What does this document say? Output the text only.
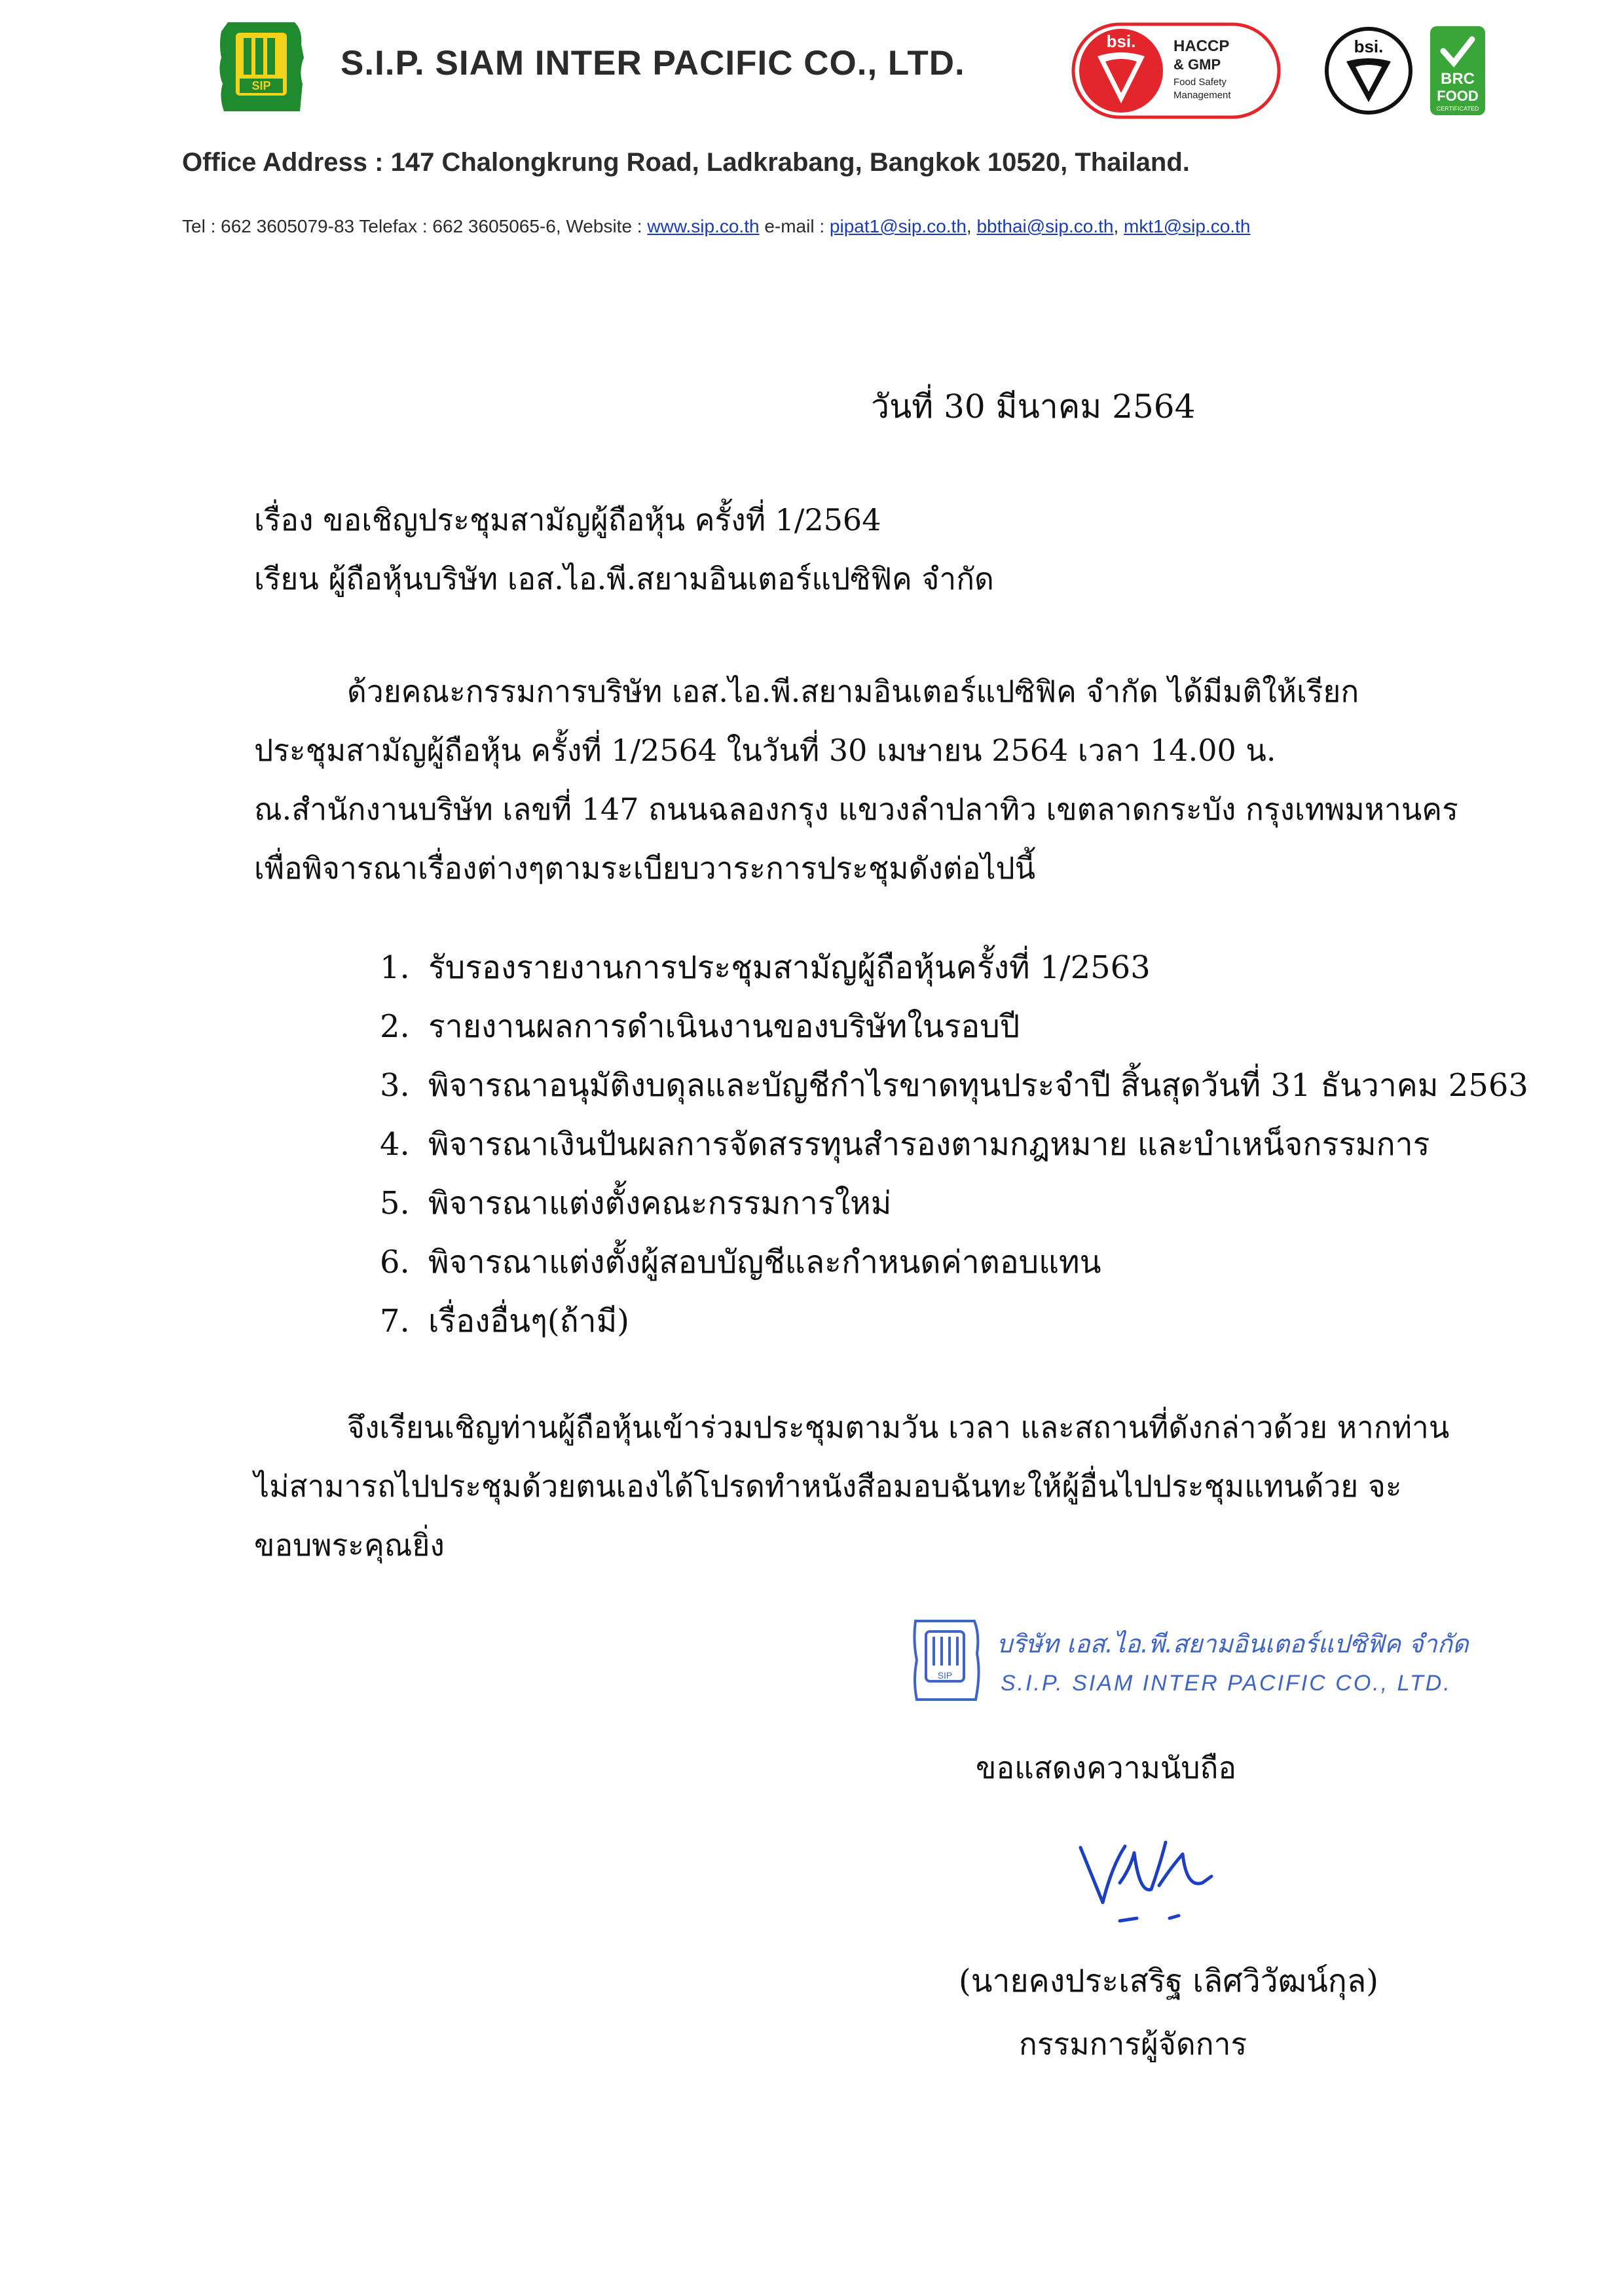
SIP
S.I.P. SIAM INTER PACIFIC CO., LTD.
bsi. HACCP
& GMP
Food Safety
Management
bsi.
BRC
FOOD
CERTIFICATED
Office Address : 147 Chalongkrung Road, Ladkrabang, Bangkok 10520, Thailand.
Tel : 662 3605079-83 Telefax : 662 3605065-6, Website : www.sip.co.th e-mail : pipat1@sip.co.th, bbthai@sip.co.th, mkt1@sip.co.th
วันที่ 30 มีนาคม 2564
เรื่อง ขอเชิญประชุมสามัญผู้ถือหุ้น ครั้งที่ 1/2564
เรียน ผู้ถือหุ้นบริษัท เอส.ไอ.พี.สยามอินเตอร์แปซิฟิค จำกัด
ด้วยคณะกรรมการบริษัท เอส.ไอ.พี.สยามอินเตอร์แปซิฟิค จำกัด ได้มีมติให้เรียก
ประชุมสามัญผู้ถือหุ้น ครั้งที่ 1/2564 ในวันที่ 30 เมษายน 2564 เวลา 14.00 น.
ณ.สำนักงานบริษัท เลขที่ 147 ถนนฉลองกรุง แขวงลำปลาทิว เขตลาดกระบัง กรุงเทพมหานคร
เพื่อพิจารณาเรื่องต่างๆตามระเบียบวาระการประชุมดังต่อไปนี้
1. รับรองรายงานการประชุมสามัญผู้ถือหุ้นครั้งที่ 1/2563
2. รายงานผลการดำเนินงานของบริษัทในรอบปี
3. พิจารณาอนุมัติงบดุลและบัญชีกำไรขาดทุนประจำปี สิ้นสุดวันที่ 31 ธันวาคม 2563
4. พิจารณาเงินปันผลการจัดสรรทุนสำรองตามกฎหมาย และบำเหน็จกรรมการ
5. พิจารณาแต่งตั้งคณะกรรมการใหม่
6. พิจารณาแต่งตั้งผู้สอบบัญชีและกำหนดค่าตอบแทน
7. เรื่องอื่นๆ(ถ้ามี)
จึงเรียนเชิญท่านผู้ถือหุ้นเข้าร่วมประชุมตามวัน เวลา และสถานที่ดังกล่าวด้วย หากท่าน
ไม่สามารถไปประชุมด้วยตนเองได้โปรดทำหนังสือมอบฉันทะให้ผู้อื่นไปประชุมแทนด้วย จะ
ขอบพระคุณยิ่ง
SIP
บริษัท เอส.ไอ.พี.สยามอินเตอร์แปซิฟิค จำกัด
S.I.P. SIAM INTER PACIFIC CO., LTD.
ขอแสดงความนับถือ
(นายคงประเสริฐ เลิศวิวัฒน์กุล)
กรรมการผู้จัดการ
